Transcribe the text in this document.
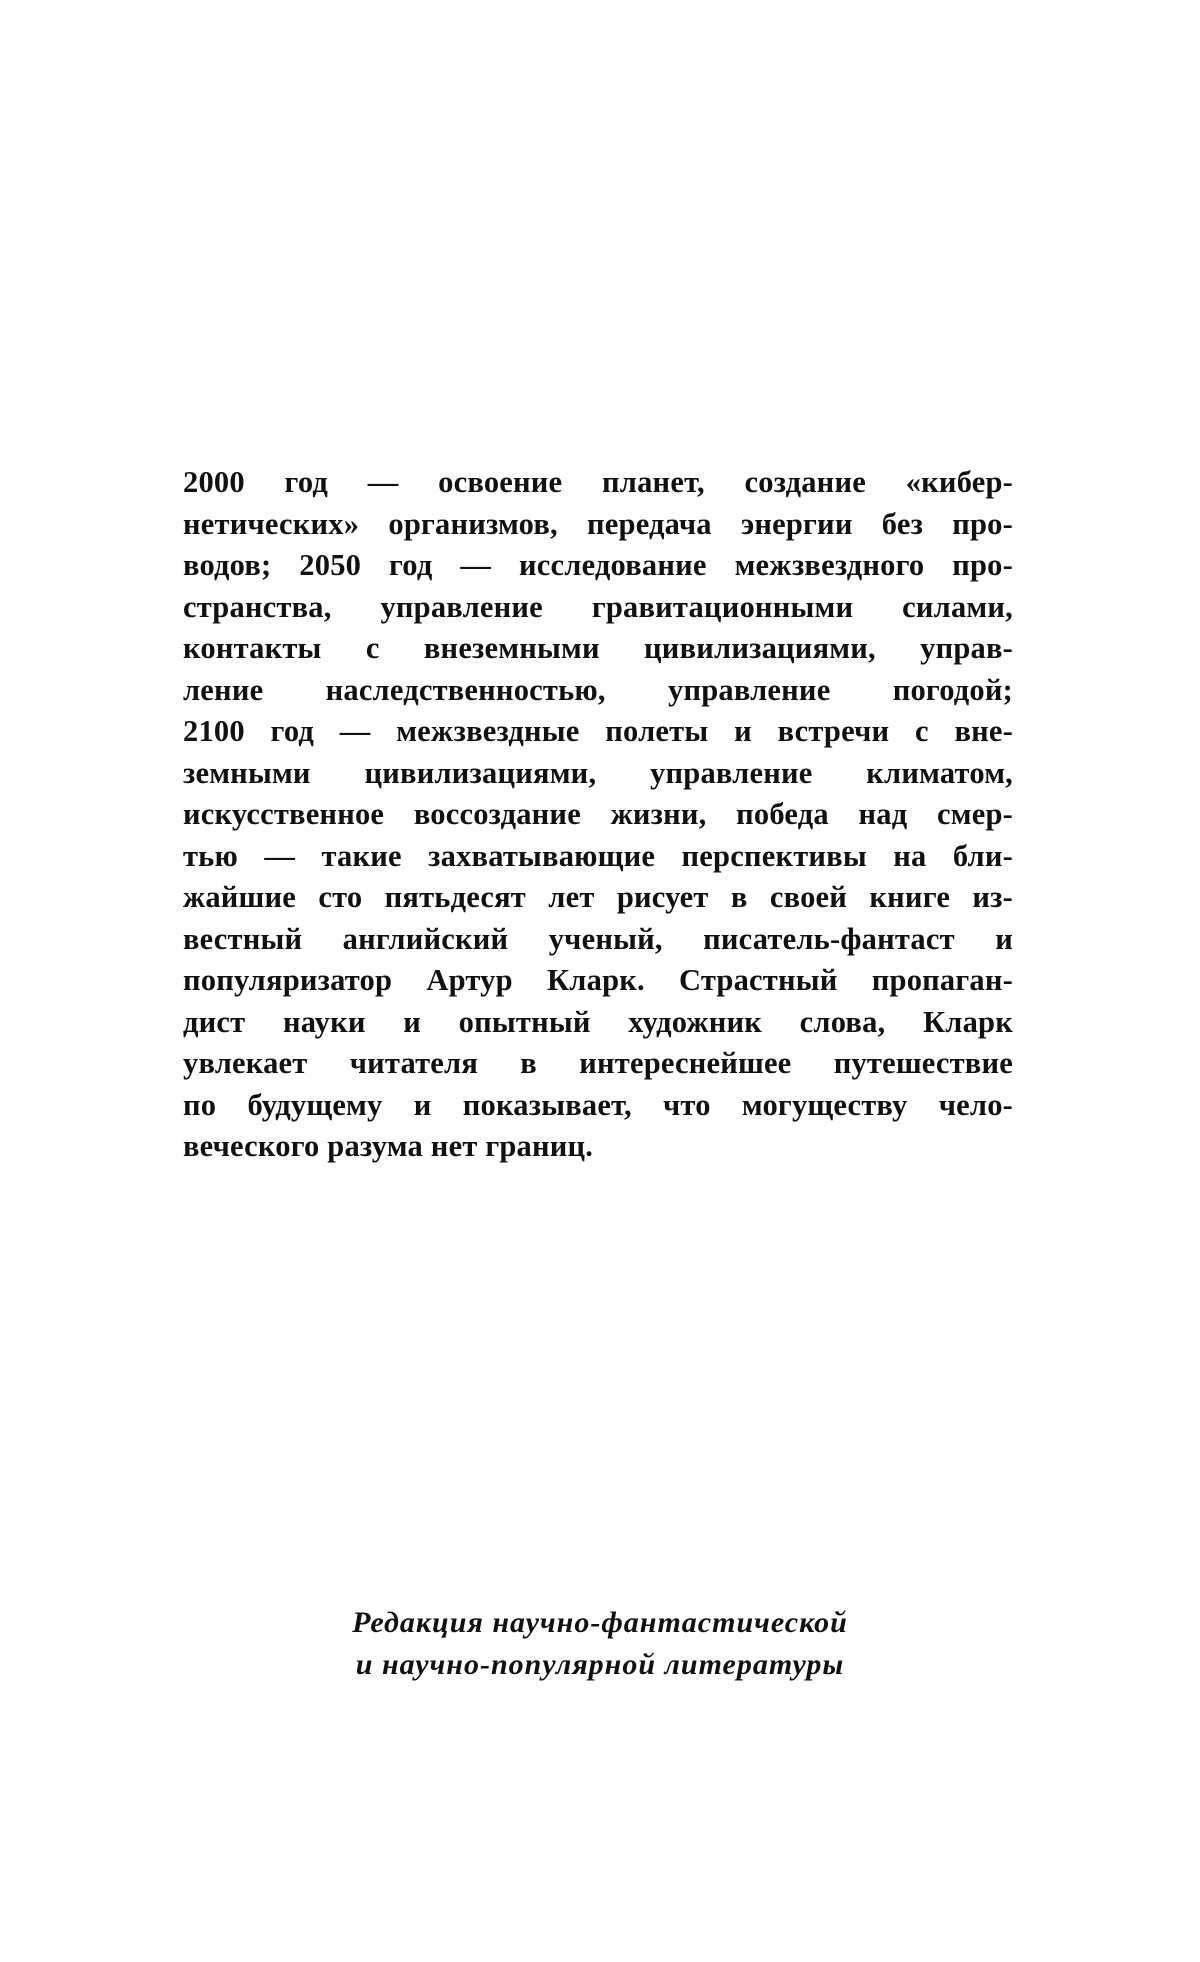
2000 год — освоение планет, создание «кибер-
нетических» организмов, передача энергии без про-
водов; 2050 год — исследование межзвездного про-
странства, управление гравитационными силами,
контакты с внеземными цивилизациями, управ-
ление наследственностью, управление погодой;
2100 год — межзвездные полеты и встречи с вне-
земными цивилизациями, управление климатом,
искусственное воссоздание жизни, победа над смер-
тью — такие захватывающие перспективы на бли-
жайшие сто пятьдесят лет рисует в своей книге из-
вестный английский ученый, писатель-фантаст и
популяризатор Артур Кларк. Страстный пропаган-
дист науки и опытный художник слова, Кларк
увлекает читателя в интереснейшее путешествие
по будущему и показывает, что могуществу чело-
веческого разума нет границ.

Редакция научно-фантастической
и научно-популярной литературы
